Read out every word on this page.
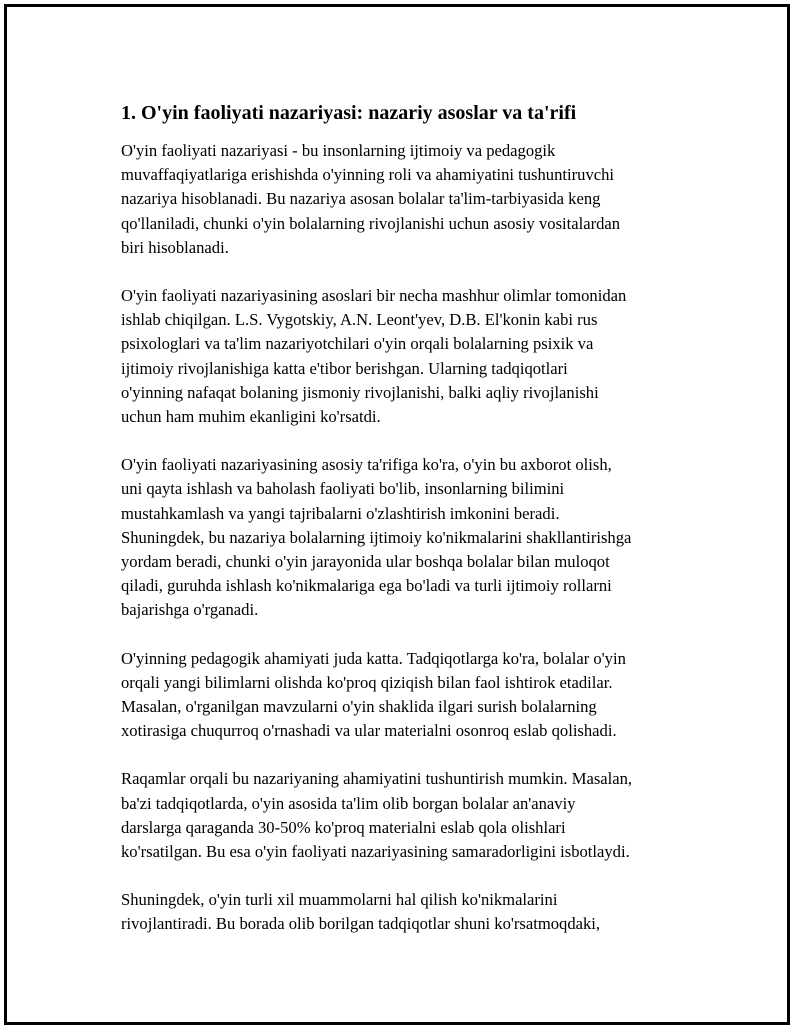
1. O'yin faoliyati nazariyasi: nazariy asoslar va ta'rifi

O'yin faoliyati nazariyasi - bu insonlarning ijtimoiy va pedagogik
muvaffaqiyatlariga erishishda o'yinning roli va ahamiyatini tushuntiruvchi
nazariya hisoblanadi. Bu nazariya asosan bolalar ta'lim-tarbiyasida keng
qo'llaniladi, chunki o'yin bolalarning rivojlanishi uchun asosiy vositalardan
biri hisoblanadi.

O'yin faoliyati nazariyasining asoslari bir necha mashhur olimlar tomonidan
ishlab chiqilgan. L.S. Vygotskiy, A.N. Leont'yev, D.B. El'konin kabi rus
psixologlari va ta'lim nazariyotchilari o'yin orqali bolalarning psixik va
ijtimoiy rivojlanishiga katta e'tibor berishgan. Ularning tadqiqotlari
o'yinning nafaqat bolaning jismoniy rivojlanishi, balki aqliy rivojlanishi
uchun ham muhim ekanligini ko'rsatdi.

O'yin faoliyati nazariyasining asosiy ta'rifiga ko'ra, o'yin bu axborot olish,
uni qayta ishlash va baholash faoliyati bo'lib, insonlarning bilimini
mustahkamlash va yangi tajribalarni o'zlashtirish imkonini beradi.
Shuningdek, bu nazariya bolalarning ijtimoiy ko'nikmalarini shakllantirishga
yordam beradi, chunki o'yin jarayonida ular boshqa bolalar bilan muloqot
qiladi, guruhda ishlash ko'nikmalariga ega bo'ladi va turli ijtimoiy rollarni
bajarishga o'rganadi.

O'yinning pedagogik ahamiyati juda katta. Tadqiqotlarga ko'ra, bolalar o'yin
orqali yangi bilimlarni olishda ko'proq qiziqish bilan faol ishtirok etadilar.
Masalan, o'rganilgan mavzularni o'yin shaklida ilgari surish bolalarning
xotirasiga chuqurroq o'rnashadi va ular materialni osonroq eslab qolishadi.

Raqamlar orqali bu nazariyaning ahamiyatini tushuntirish mumkin. Masalan,
ba'zi tadqiqotlarda, o'yin asosida ta'lim olib borgan bolalar an'anaviy
darslarga qaraganda 30-50% ko'proq materialni eslab qola olishlari
ko'rsatilgan. Bu esa o'yin faoliyati nazariyasining samaradorligini isbotlaydi.

Shuningdek, o'yin turli xil muammolarni hal qilish ko'nikmalarini
rivojlantiradi. Bu borada olib borilgan tadqiqotlar shuni ko'rsatmoqdaki,
